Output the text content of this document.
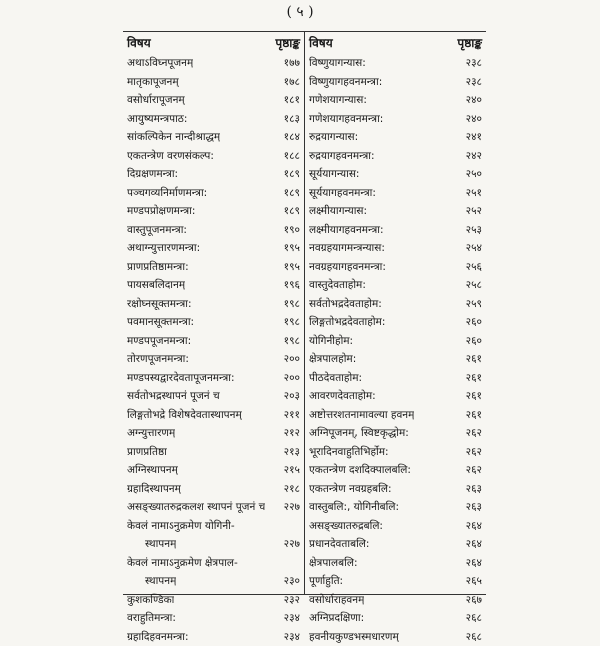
( ५ )
विषय	पृष्ठाङ्क
अथाऽविघ्नपूजनम्	१७७
मातृकापूजनम्	१७८
वसोर्धारापूजनम्	१८१
आयुष्यमन्त्रपाठ:	१८३
सांकल्पिकेन नान्दीश्राद्धम्	१८४
एकतन्त्रेण वरणसंकल्प:	१८८
दिग्रक्षणमन्त्रा:	१८९
पञ्चगव्यनिर्माणमन्त्रा:	१८९
मण्डपप्रोक्षणमन्त्रा:	१८९
वास्तुपूजनमन्त्रा:	१९०
अथाग्न्युत्तारणमन्त्रा:	१९५
प्राणप्रतिष्ठामन्त्रा:	१९५
पायसबलिदानम्	१९६
रक्षोघ्नसूक्तमन्त्रा:	१९८
पवमानसूक्तमन्त्रा:	१९८
मण्डपपूजनमन्त्रा:	१९८
तोरणपूजनमन्त्रा:	२००
मण्डपस्यद्वारदेवतापूजनमन्त्रा:	२००
सर्वतोभद्रस्थापनं पूजनं च	२०३
लिङ्गतोभद्रे विशेषदेवतास्थापनम्	२११
अग्न्युत्तारणम्	२१२
प्राणप्रतिष्ठा	२१३
अग्निस्थापनम्	२१५
ग्रहादिस्थापनम्	२१८
असङ्ख्यातरुद्रकलश स्थापनं पूजनं च	२२७
केवलं नामाऽनुक्रमेण योगिनी-
स्थापनम्	२२७
केवलं नामाऽनुक्रमेण क्षेत्रपाल-
स्थापनम्	२३०
कुशकण्डिका	२३२
वराहुतिमन्त्रा:	२३४
ग्रहादिहवनमन्त्रा:	२३४
विषय	पृष्ठाङ्क
विष्णुयागन्यास:	२३८
विष्णुयागहवनमन्त्रा:	२३८
गणेशयागन्यास:	२४०
गणेशयागहवनमन्त्रा:	२४०
रुद्रयागन्यास:	२४१
रुद्रयागहवनमन्त्रा:	२४२
सूर्ययागन्यास:	२५०
सूर्ययागहवनमन्त्रा:	२५१
लक्ष्मीयागन्यास:	२५२
लक्ष्मीयागहवनमन्त्रा:	२५३
नवग्रहयागमन्त्रन्यास:	२५४
नवग्रहयागहवनमन्त्रा:	२५६
वास्तुदेवताहोम:	२५८
सर्वतोभद्रदेवताहोम:	२५९
लिङ्गतोभद्रदेवताहोम:	२६०
योगिनीहोम:	२६०
क्षेत्रपालहोम:	२६१
पीठदेवताहोम:	२६१
आवरणदेवताहोम:	२६१
अष्टोत्तरशतनामावल्या हवनम्	२६१
अग्निपूजनम्, स्विष्टकृद्धोम:	२६२
भूरादिनवाहुतिभिर्होम:	२६२
एकतन्त्रेण दशदिक्पालबलि:	२६२
एकतन्त्रेण नवग्रहबलि:	२६३
वास्तुबलि:, योगिनीबलि:	२६३
असङ्ख्यातरुद्रबलि:	२६४
प्रधानदेवताबलि:	२६४
क्षेत्रपालबलि:	२६४
पूर्णाहुति:	२६५
वसोर्धाराहवनम्	२६७
अग्निप्रदक्षिणा:	२६८
हवनीयकुण्डभस्मधारणम्	२६८
